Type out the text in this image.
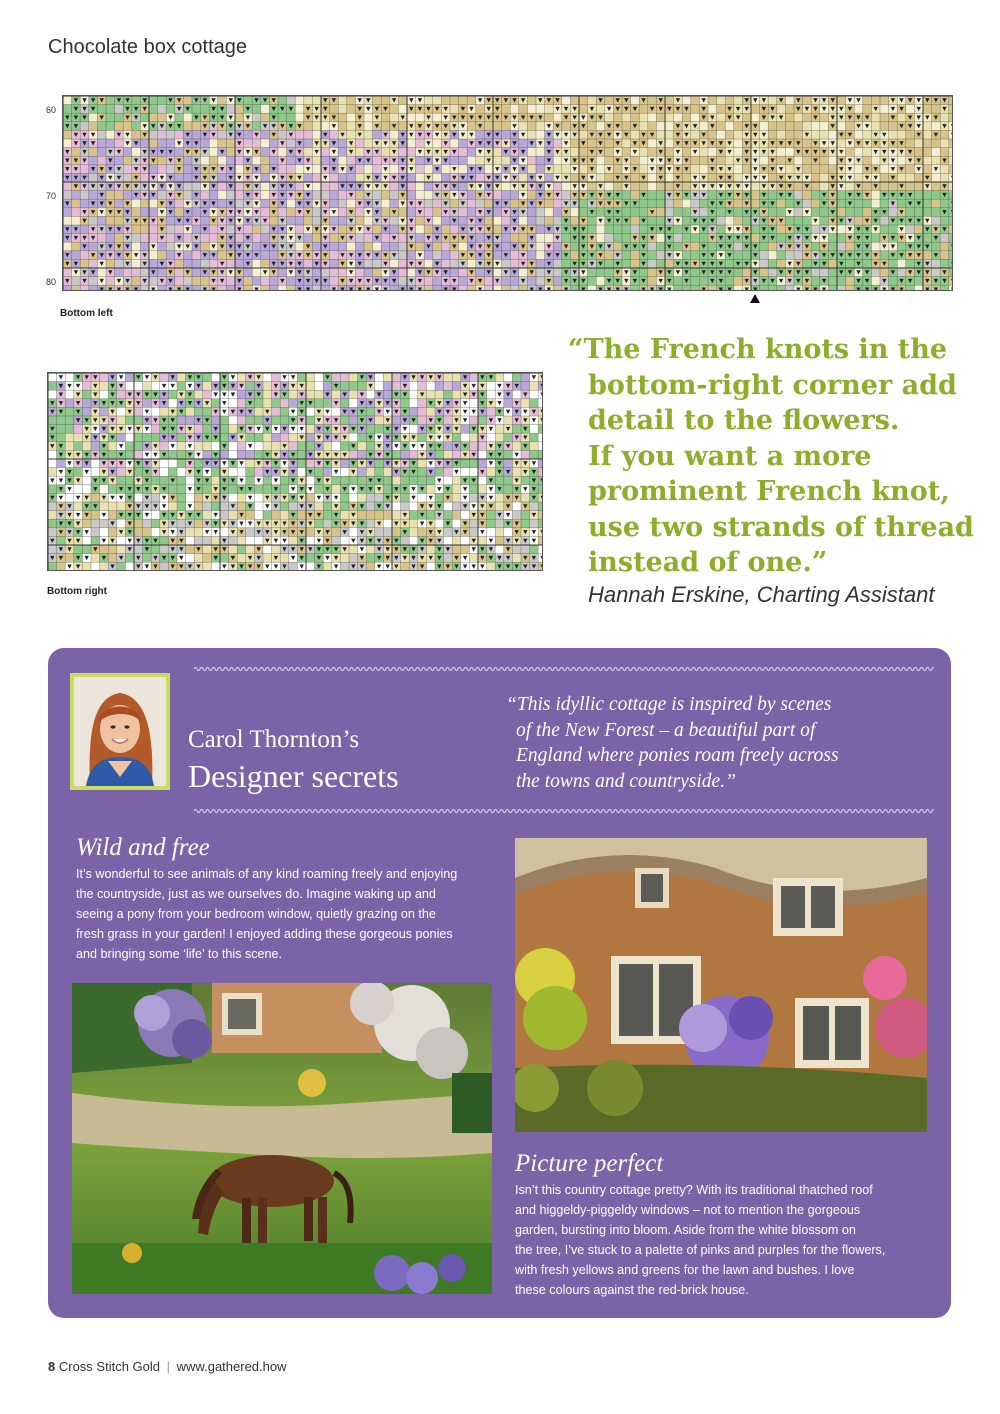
Chocolate box cottage
60
70
80
Bottom left
Bottom right
“The French knots in the
bottom-right corner add
detail to the flowers.
If you want a more
prominent French knot,
use two strands of thread
instead of one.”
Hannah Erskine, Charting Assistant
Carol Thornton’s
Designer secrets
“This idyllic cottage is inspired by scenes
of the New Forest – a beautiful part of
England where ponies roam freely across
the towns and countryside.”
Wild and free
It’s wonderful to see animals of any kind roaming freely and enjoying
the countryside, just as we ourselves do. Imagine waking up and
seeing a pony from your bedroom window, quietly grazing on the
fresh grass in your garden! I enjoyed adding these gorgeous ponies
and bringing some ‘life’ to this scene.
Picture perfect
Isn’t this country cottage pretty? With its traditional thatched roof
and higgeldy-piggeldy windows – not to mention the gorgeous
garden, bursting into bloom. Aside from the white blossom on
the tree, I’ve stuck to a palette of pinks and purples for the flowers,
with fresh yellows and greens for the lawn and bushes. I love
these colours against the red-brick house.
8 Cross Stitch Gold | www.gathered.how
